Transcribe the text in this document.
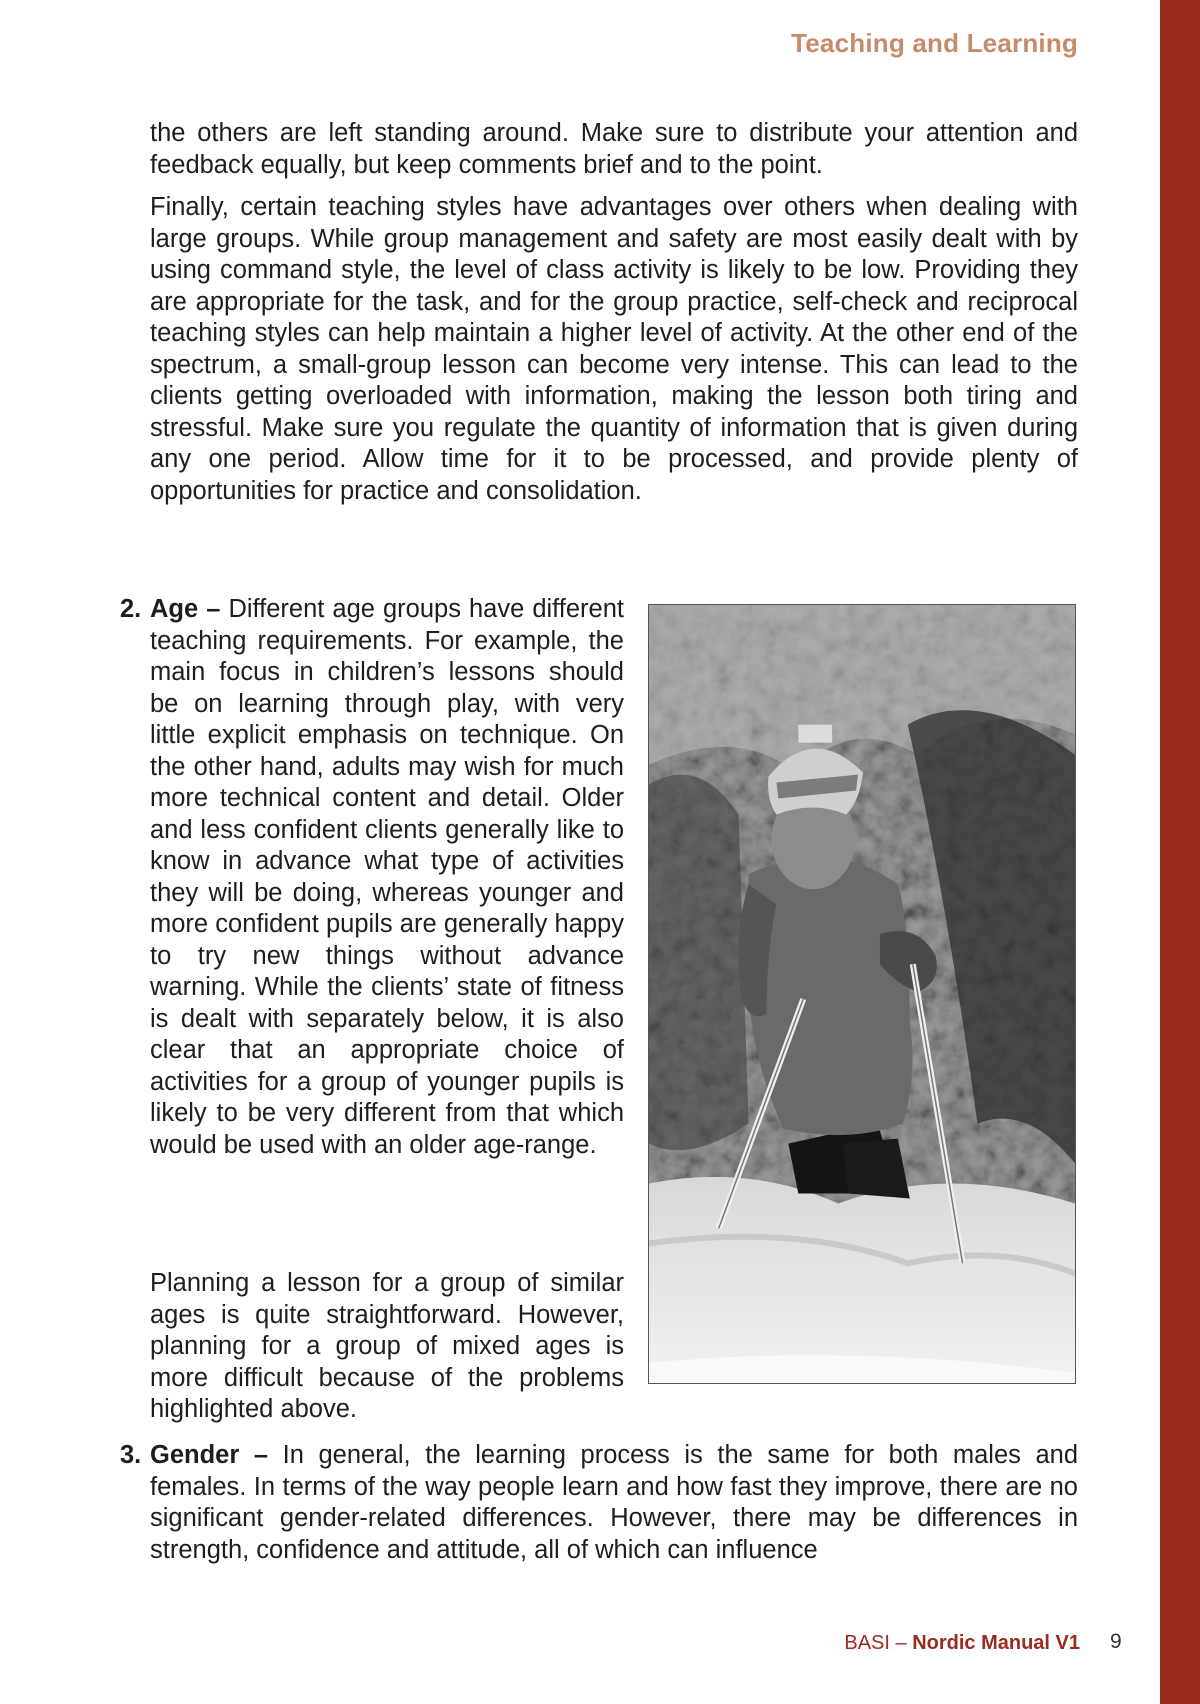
Teaching and Learning

the others are left standing around. Make sure to distribute your attention and feedback equally, but keep comments brief and to the point.

Finally, certain teaching styles have advantages over others when dealing with large groups. While group management and safety are most easily dealt with by using command style, the level of class activity is likely to be low. Providing they are appropriate for the task, and for the group practice, self-check and reciprocal teaching styles can help maintain a higher level of activity. At the other end of the spectrum, a small-group lesson can become very intense. This can lead to the clients getting overloaded with information, making the lesson both tiring and stressful. Make sure you regulate the quantity of information that is given during any one period. Allow time for it to be processed, and provide plenty of opportunities for practice and consolidation.

2. Age – Different age groups have different teaching requirements. For example, the main focus in children’s lessons should be on learning through play, with very little explicit emphasis on technique. On the other hand, adults may wish for much more technical content and detail. Older and less confident clients generally like to know in advance what type of activities they will be doing, whereas younger and more confident pupils are generally happy to try new things without advance warning. While the clients’ state of fitness is dealt with separately below, it is also clear that an appropriate choice of activities for a group of younger pupils is likely to be very different from that which would be used with an older age-range.

Planning a lesson for a group of similar ages is quite straightforward. However, planning for a group of mixed ages is more difficult because of the problems highlighted above.

3. Gender – In general, the learning process is the same for both males and females. In terms of the way people learn and how fast they improve, there are no significant gender-related differences. However, there may be differences in strength, confidence and attitude, all of which can influence

BASI – Nordic Manual V1 9
